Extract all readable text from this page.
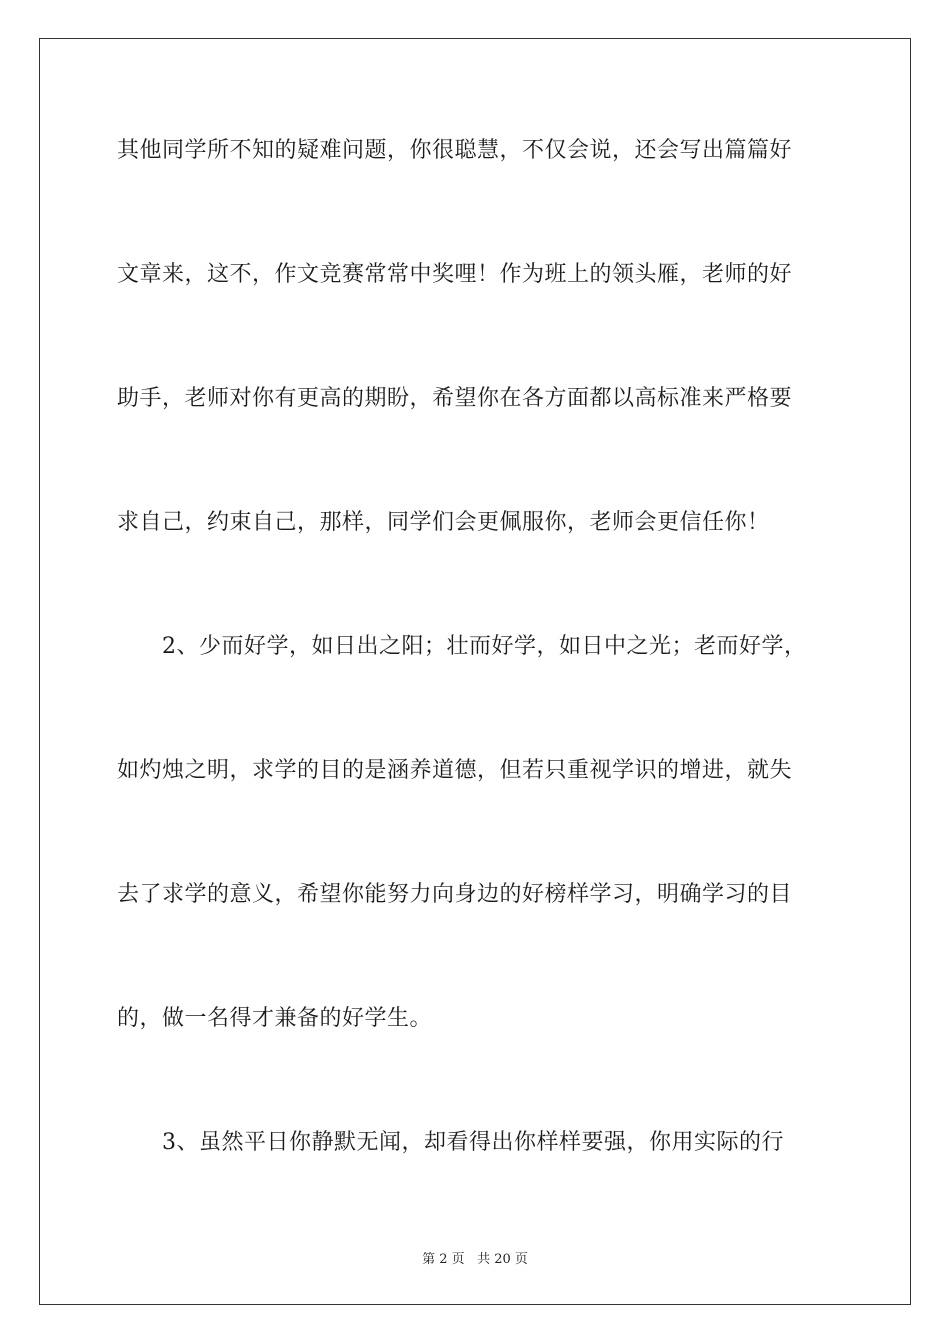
其他同学所不知的疑难问题，你很聪慧，不仅会说，还会写出篇篇好
文章来，这不，作文竞赛常常中奖哩！作为班上的领头雁，老师的好
助手，老师对你有更高的期盼，希望你在各方面都以高标准来严格要
求自己，约束自己，那样，同学们会更佩服你，老师会更信任你！
　　2、少而好学，如日出之阳；壮而好学，如日中之光；老而好学，
如灼烛之明，求学的目的是涵养道德，但若只重视学识的增进，就失
去了求学的意义，希望你能努力向身边的好榜样学习，明确学习的目
的，做一名得才兼备的好学生。
　　3、虽然平日你静默无闻，却看得出你样样要强，你用实际的行
第 2 页 共 20 页
